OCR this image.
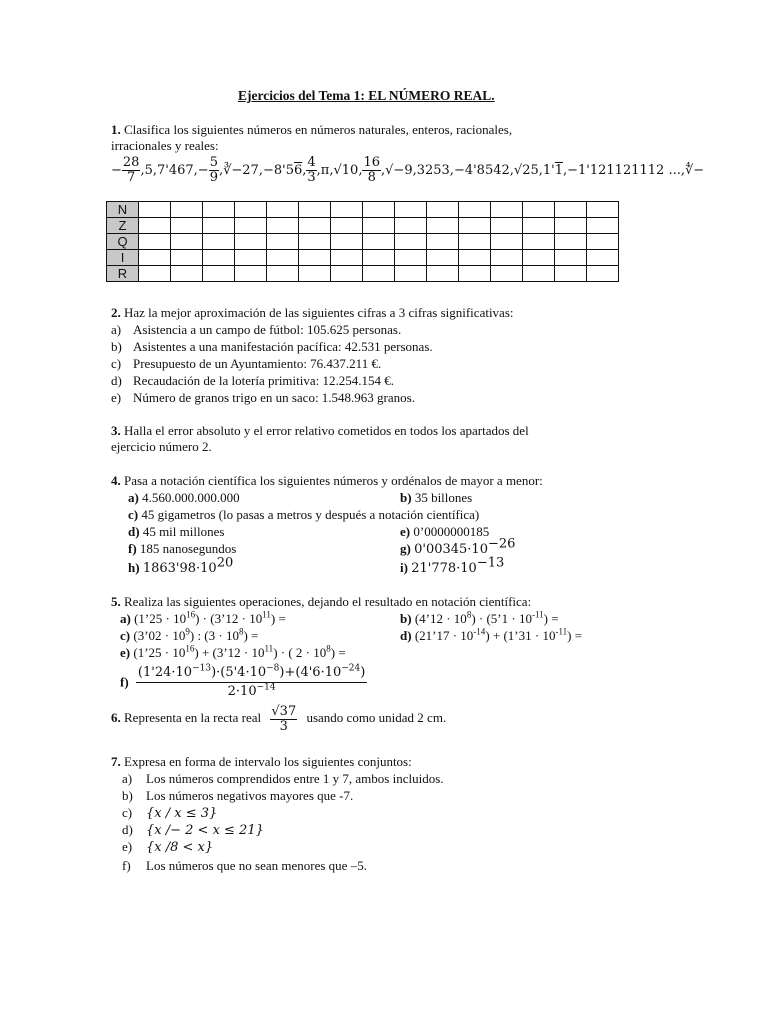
Ejercicios del Tema 1: EL NÚMERO REAL.
1. Clasifica los siguientes números en números naturales, enteros, racionales,
irracionales y reales:
− $\frac{28}{7} ,5,7'467,- \frac{5}{9}$ ,∛−27,−8'56, $\frac{4}{3} ,\pi,√10$, $\frac{16}{8} ,√-9,3253,-4'8542,√25,1'1,-1'121121112$ ...,∜−
N															
Z															
Q															
I															
R															
2. Haz la mejor aproximación de las siguientes cifras a 3 cifras significativas:
a) Asistencia a un campo de fútbol: 105.625 personas.
b) Asistentes a una manifestación pacífica: 42.531 personas.
c) Presupuesto de un Ayuntamiento: 76.437.211 €.
d) Recaudación de la lotería primitiva: 12.254.154 €.
e) Número de granos trigo en un saco: 1.548.963 granos.
3. Halla el error absoluto y el error relativo cometidos en todos los apartados del
ejercicio número 2.
4. Pasa a notación científica los siguientes números y ordénalos de mayor a menor:
a) 4.560.000.000.000	b) 35 billones
c) 45 gigametros (lo pasas a metros y después a notación científica)
d) 45 mil millones	e) 0’0000000185
f) 185 nanosegundos	g) $0'00345\cdot 10^{-26}$
h) $1863'98\cdot 10^{20}$	i) $21'778\cdot 10^{-13}$
5. Realiza las siguientes operaciones, dejando el resultado en notación científica:
a) (1’25 · $10^{16}$) · (3’12 · $10^{11}$) =	b) (4’12 · $10^8$) · (5’1 · $10^{-11}$) =
c) (3’02 · $10^9$) : $(3 \cdot 10^8)$ =	d) (21’17 · $10^{-14}$) + (1’31 · $10^{-11}$) =
e) (1’25 · $10^{16}$) + (3’12 · $10^{11}$) · ( $2 \cdot 10^8$) =
$f) \frac{(1'24\cdot 10^{-13})\cdot(5'4\cdot 10^{-8})+(4'6\cdot 10^{-24})}{2\cdot 10^{-14}}$
6. Representa en la recta real $\frac{√37}{3}$ usando como unidad 2 cm.
7. Expresa en forma de intervalo los siguientes conjuntos:
a) Los números comprendidos entre 1 y 7, ambos incluidos.
b) Los números negativos mayores que -7.
c) {x / x ≤ 3}
d) {x /− 2 < x ≤ 21}
e) {x /8 < x}
f) Los números que no sean menores que –5.
